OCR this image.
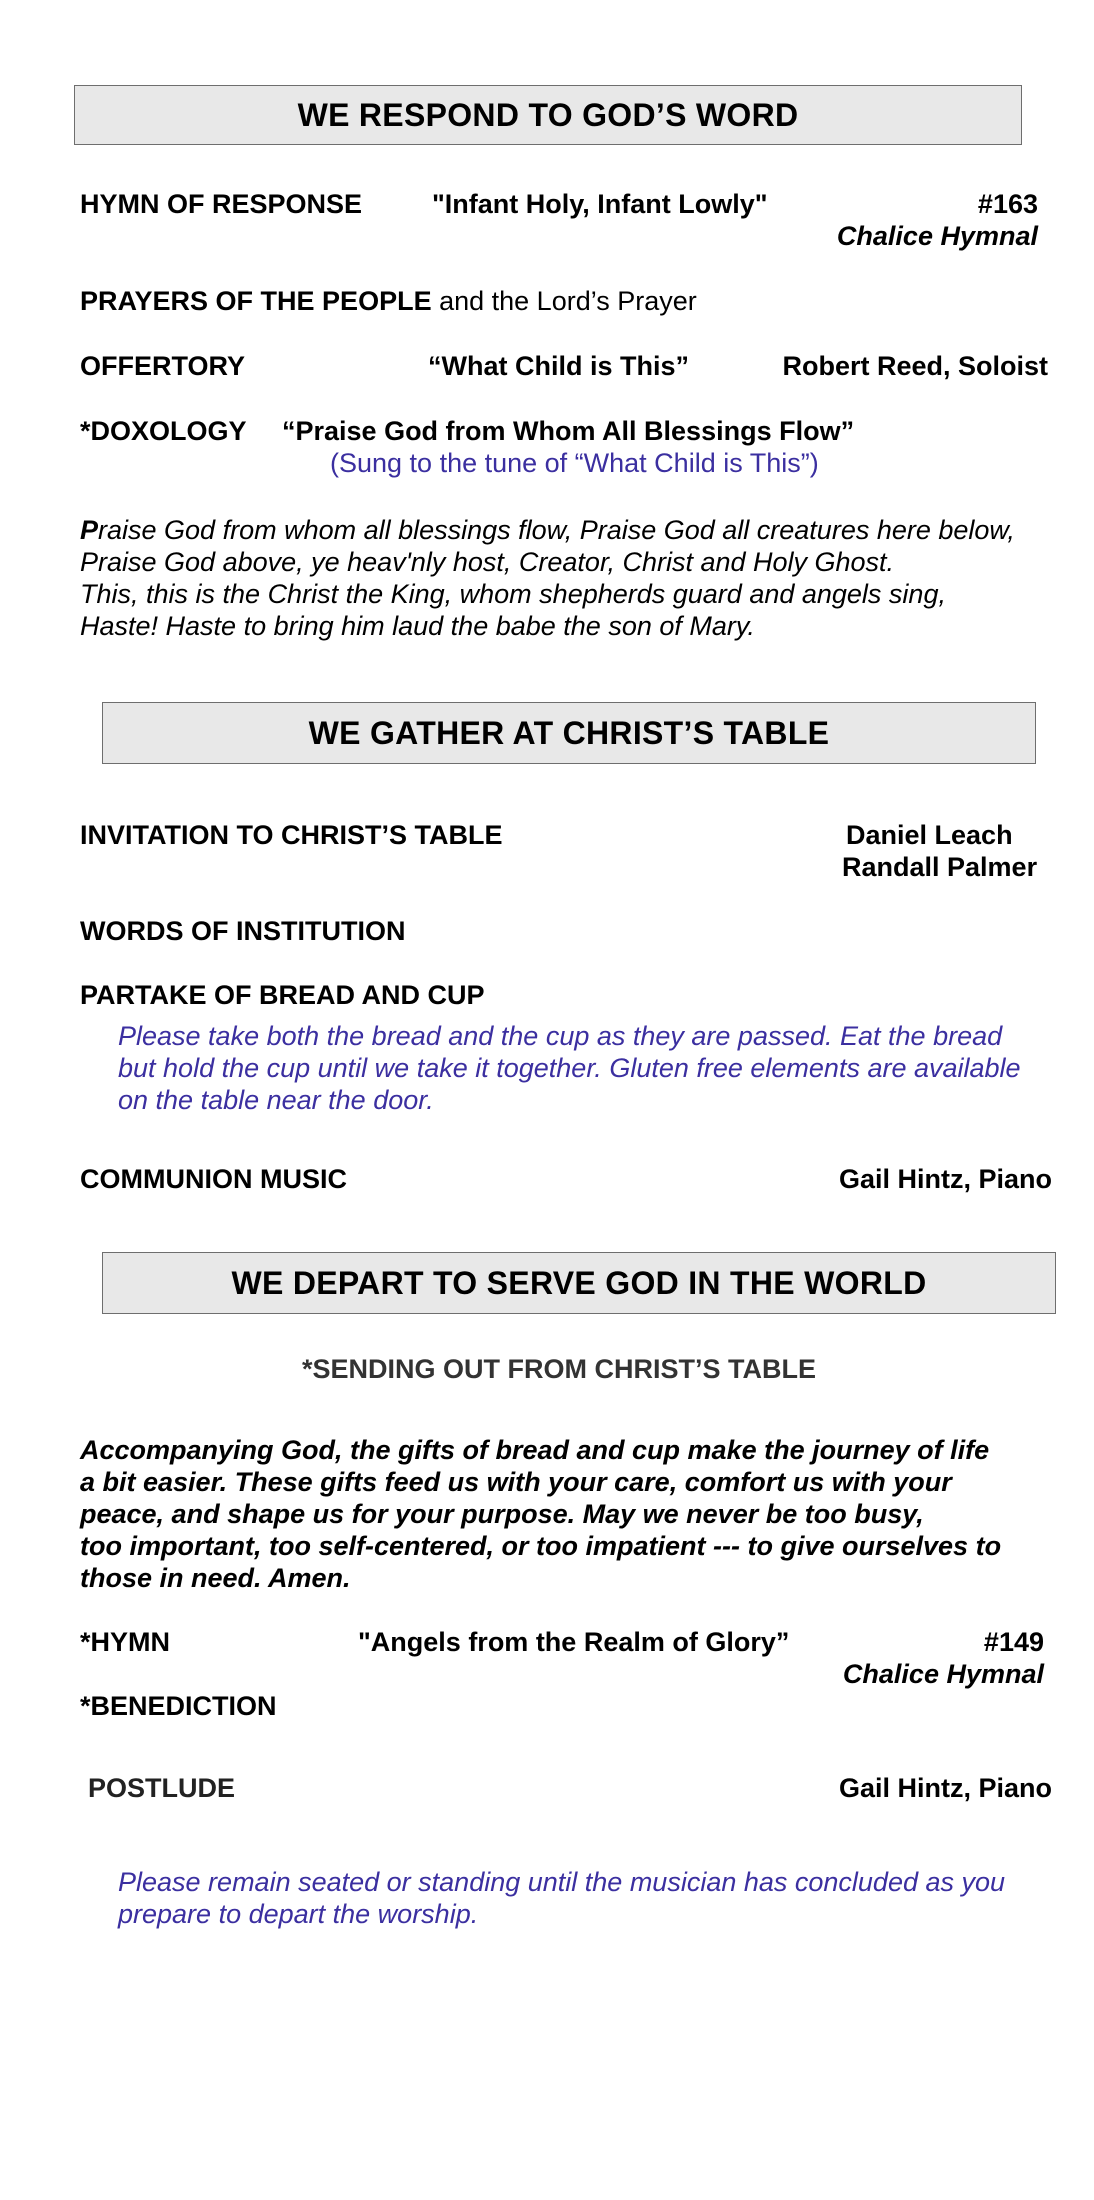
WE RESPOND TO GOD’S WORD
HYMN OF RESPONSE	"Infant Holy, Infant Lowly"	#163
Chalice Hymnal
PRAYERS OF THE PEOPLE and the Lord’s Prayer
OFFERTORY	“What Child is This”	Robert Reed, Soloist
*DOXOLOGY “Praise God from Whom All Blessings Flow”
(Sung to the tune of “What Child is This”)
Praise God from whom all blessings flow, Praise God all creatures here below,
Praise God above, ye heav'nly host, Creator, Christ and Holy Ghost.
This, this is the Christ the King, whom shepherds guard and angels sing,
Haste! Haste to bring him laud the babe the son of Mary.
WE GATHER AT CHRIST’S TABLE
INVITATION TO CHRIST’S TABLE	Daniel Leach
Randall Palmer
WORDS OF INSTITUTION
PARTAKE OF BREAD AND CUP
Please take both the bread and the cup as they are passed. Eat the bread
but hold the cup until we take it together. Gluten free elements are available
on the table near the door.
COMMUNION MUSIC	Gail Hintz, Piano
WE DEPART TO SERVE GOD IN THE WORLD
*SENDING OUT FROM CHRIST’S TABLE
Accompanying God, the gifts of bread and cup make the journey of life
a bit easier. These gifts feed us with your care, comfort us with your
peace, and shape us for your purpose. May we never be too busy,
too important, too self-centered, or too impatient --- to give ourselves to
those in need. Amen.
*HYMN	"Angels from the Realm of Glory”	#149
Chalice Hymnal
*BENEDICTION
POSTLUDE	Gail Hintz, Piano
Please remain seated or standing until the musician has concluded as you
prepare to depart the worship.
